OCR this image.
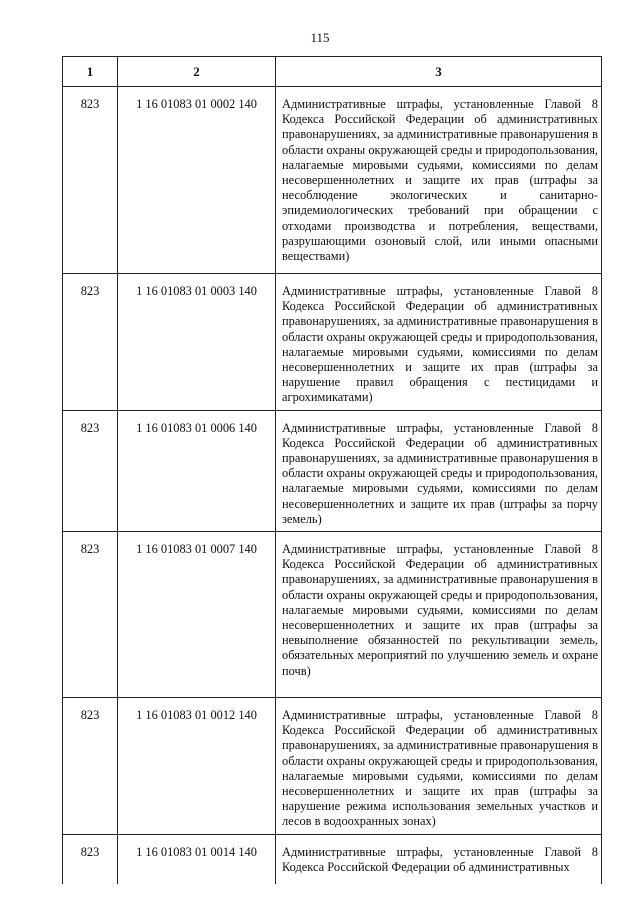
115
1	2	3
823	1 16 01083 01 0002 140	Административные штрафы, установленные Главой 8 Кодекса Российской Федерации об административных правонарушениях, за административные правонарушения в области охраны окружающей среды и природопользования, налагаемые мировыми судьями, комиссиями по делам несовершеннолетних и защите их прав (штрафы за несоблюдение экологических и санитарно-эпидемиологических требований при обращении с отходами производства и потребления, веществами, разрушающими озоновый слой, или иными опасными веществами)
823	1 16 01083 01 0003 140	Административные штрафы, установленные Главой 8 Кодекса Российской Федерации об административных правонарушениях, за административные правонарушения в области охраны окружающей среды и природопользования, налагаемые мировыми судьями, комиссиями по делам несовершеннолетних и защите их прав (штрафы за нарушение правил обращения с пестицидами и агрохимикатами)
823	1 16 01083 01 0006 140	Административные штрафы, установленные Главой 8 Кодекса Российской Федерации об административных правонарушениях, за административные правонарушения в области охраны окружающей среды и природопользования, налагаемые мировыми судьями, комиссиями по делам несовершеннолетних и защите их прав (штрафы за порчу земель)
823	1 16 01083 01 0007 140	Административные штрафы, установленные Главой 8 Кодекса Российской Федерации об административных правонарушениях, за административные правонарушения в области охраны окружающей среды и природопользования, налагаемые мировыми судьями, комиссиями по делам несовершеннолетних и защите их прав (штрафы за невыполнение обязанностей по рекультивации земель, обязательных мероприятий по улучшению земель и охране почв)
823	1 16 01083 01 0012 140	Административные штрафы, установленные Главой 8 Кодекса Российской Федерации об административных правонарушениях, за административные правонарушения в области охраны окружающей среды и природопользования, налагаемые мировыми судьями, комиссиями по делам несовершеннолетних и защите их прав (штрафы за нарушение режима использования земельных участков и лесов в водоохранных зонах)
823	1 16 01083 01 0014 140	Административные штрафы, установленные Главой 8 Кодекса Российской Федерации об административных
